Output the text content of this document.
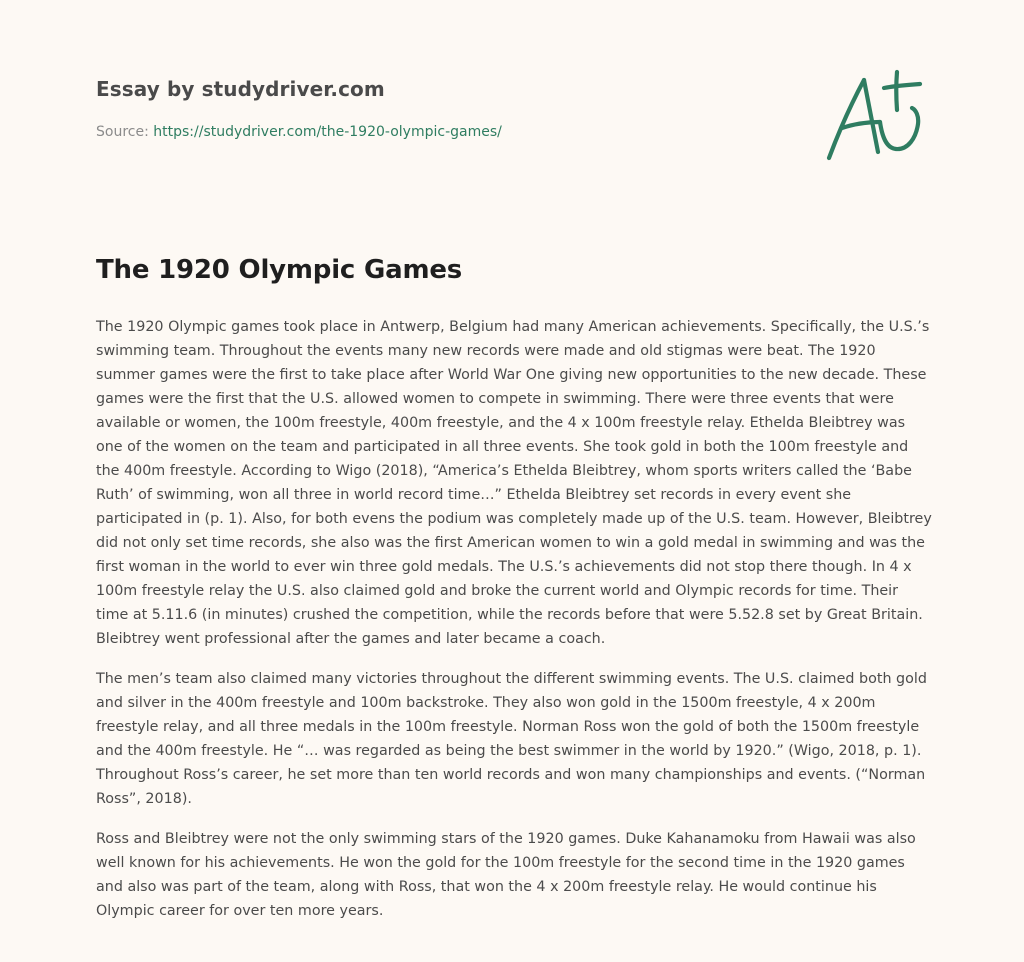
Essay by studydriver.com
Source: https://studydriver.com/the-1920-olympic-games/
The 1920 Olympic Games

The 1920 Olympic games took place in Antwerp, Belgium had many American achievements. Specifically, the U.S.’s swimming team. Throughout the events many new records were made and old stigmas were beat. The 1920 summer games were the first to take place after World War One giving new opportunities to the new decade. These games were the first that the U.S. allowed women to compete in swimming. There were three events that were available or women, the 100m freestyle, 400m freestyle, and the 4 x 100m freestyle relay. Ethelda Bleibtrey was one of the women on the team and participated in all three events. She took gold in both the 100m freestyle and the 400m freestyle. According to Wigo (2018), “America’s Ethelda Bleibtrey, whom sports writers called the ‘Babe Ruth’ of swimming, won all three in world record time…” Ethelda Bleibtrey set records in every event she participated in (p. 1). Also, for both evens the podium was completely made up of the U.S. team. However, Bleibtrey did not only set time records, she also was the first American women to win a gold medal in swimming and was the first woman in the world to ever win three gold medals. The U.S.’s achievements did not stop there though. In 4 x 100m freestyle relay the U.S. also claimed gold and broke the current world and Olympic records for time. Their time at 5.11.6 (in minutes) crushed the competition, while the records before that were 5.52.8 set by Great Britain. Bleibtrey went professional after the games and later became a coach.

The men’s team also claimed many victories throughout the different swimming events. The U.S. claimed both gold and silver in the 400m freestyle and 100m backstroke. They also won gold in the 1500m freestyle, 4 x 200m freestyle relay, and all three medals in the 100m freestyle. Norman Ross won the gold of both the 1500m freestyle and the 400m freestyle. He “… was regarded as being the best swimmer in the world by 1920.” (Wigo, 2018, p. 1). Throughout Ross’s career, he set more than ten world records and won many championships and events. (“Norman Ross”, 2018).

Ross and Bleibtrey were not the only swimming stars of the 1920 games. Duke Kahanamoku from Hawaii was also well known for his achievements. He won the gold for the 100m freestyle for the second time in the 1920 games and also was part of the team, along with Ross, that won the 4 x 200m freestyle relay. He would continue his Olympic career for over ten more years.
